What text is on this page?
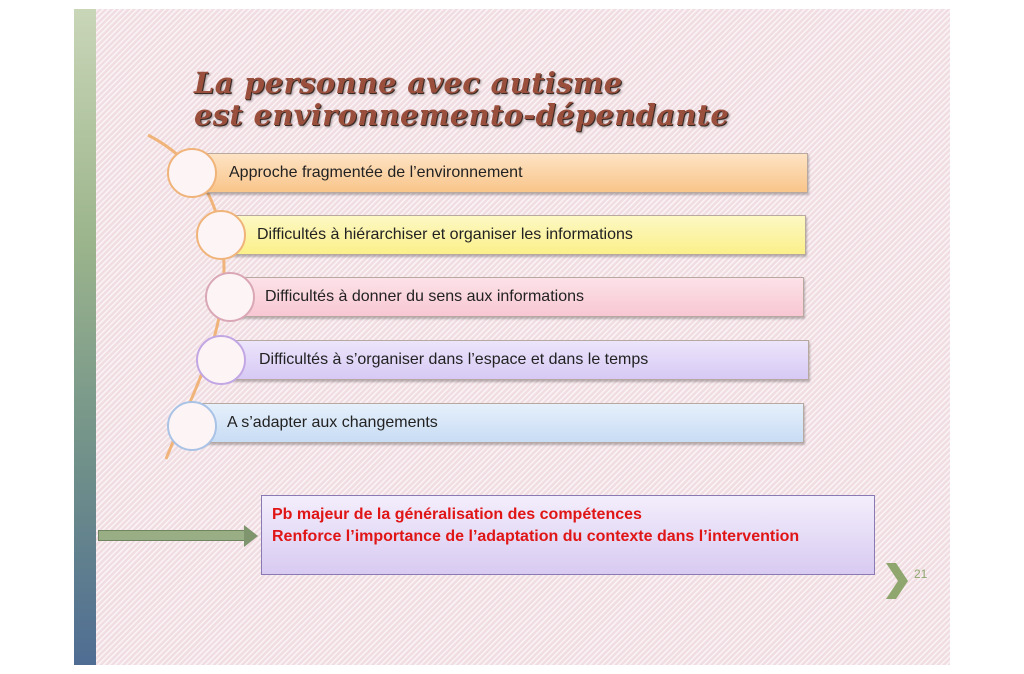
La personne avec autisme
est environnemento-dépendante
Approche fragmentée de l’environnement
Difficultés à hiérarchiser et organiser les informations
Difficultés à donner du sens aux informations
Difficultés à s’organiser dans l’espace et dans le temps
A s’adapter aux changements
Pb majeur de la généralisation des compétences
Renforce l’importance de l’adaptation du contexte dans l’intervention
21
